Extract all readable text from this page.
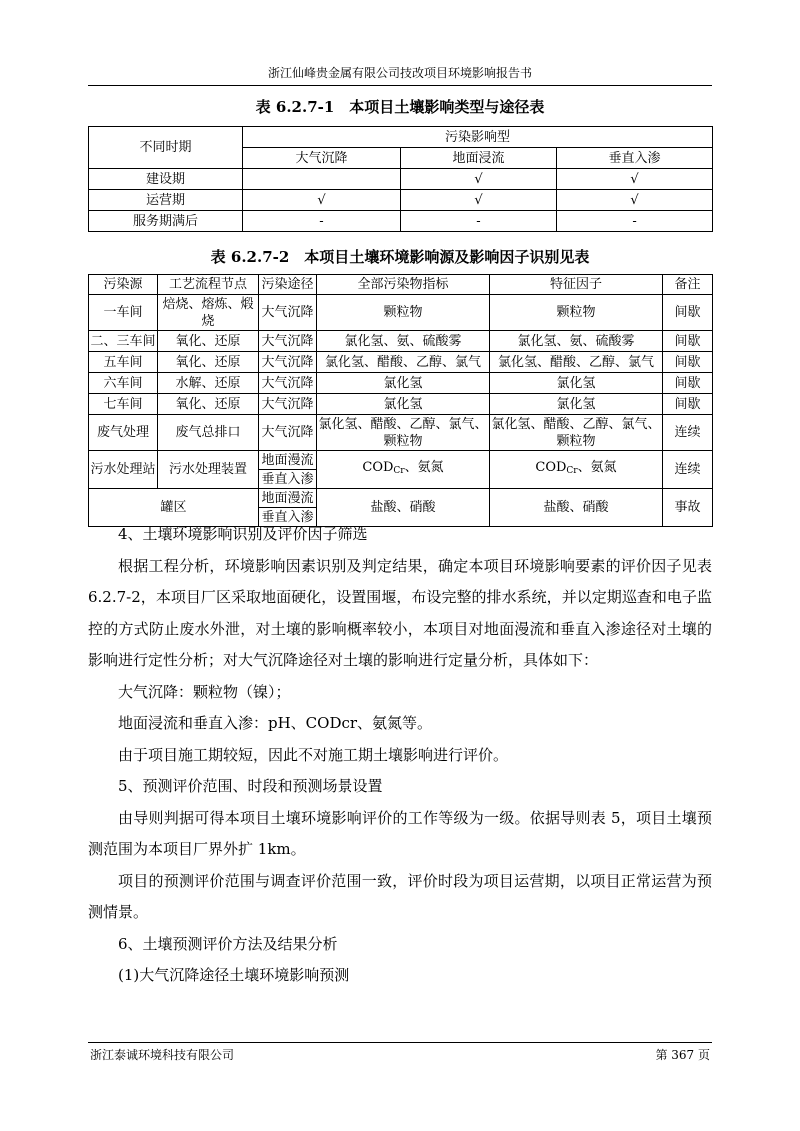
浙江仙峰贵金属有限公司技改项目环境影响报告书
表 6.2.7-1　本项目土壤影响类型与途径表
不同时期	污染影响型		
	大气沉降	地面浸流	垂直入渗
建设期		√	√
运营期	√	√	√
服务期满后	-	-	-
表 6.2.7-2　本项目土壤环境影响源及影响因子识别见表
污染源	工艺流程节点	污染途径	全部污染物指标	特征因子	备注
一车间	焙烧、熔炼、煅烧	大气沉降	颗粒物	颗粒物	间歇
二、三车间	氧化、还原	大气沉降	氯化氢、氨、硫酸雾	氯化氢、氨、硫酸雾	间歇
五车间	氧化、还原	大气沉降	氯化氢、醋酸、乙醇、氯气	氯化氢、醋酸、乙醇、氯气	间歇
六车间	水解、还原	大气沉降	氯化氢	氯化氢	间歇
七车间	氧化、还原	大气沉降	氯化氢	氯化氢	间歇
废气处理	废气总排口	大气沉降	氯化氢、醋酸、乙醇、氯气、颗粒物	氯化氢、醋酸、乙醇、氯气、颗粒物	连续
污水处理站	污水处理装置	地面漫流	$COD_{Cr}$、氨氮	$COD_{Cr}$、氨氮	连续
		垂直入渗			
罐区		地面漫流	盐酸、硝酸	盐酸、硝酸	事故
		垂直入渗			

4、土壤环境影响识别及评价因子筛选

根据工程分析，环境影响因素识别及判定结果，确定本项目环境影响要素的评价因子见表 6.2.7-2，本项目厂区采取地面硬化，设置围堰，布设完整的排水系统，并以定期巡查和电子监控的方式防止废水外泄，对土壤的影响概率较小，本项目对地面漫流和垂直入渗途径对土壤的影响进行定性分析；对大气沉降途径对土壤的影响进行定量分析，具体如下：

大气沉降：颗粒物（镍）；

地面浸流和垂直入渗：pH、CODcr、氨氮等。

由于项目施工期较短，因此不对施工期土壤影响进行评价。

5、预测评价范围、时段和预测场景设置

由导则判据可得本项目土壤环境影响评价的工作等级为一级。依据导则表 5，项目土壤预测范围为本项目厂界外扩 1km。

项目的预测评价范围与调查评价范围一致，评价时段为项目运营期，以项目正常运营为预测情景。

6、土壤预测评价方法及结果分析

(1)大气沉降途径土壤环境影响预测

浙江泰诚环境科技有限公司	第 367 页
